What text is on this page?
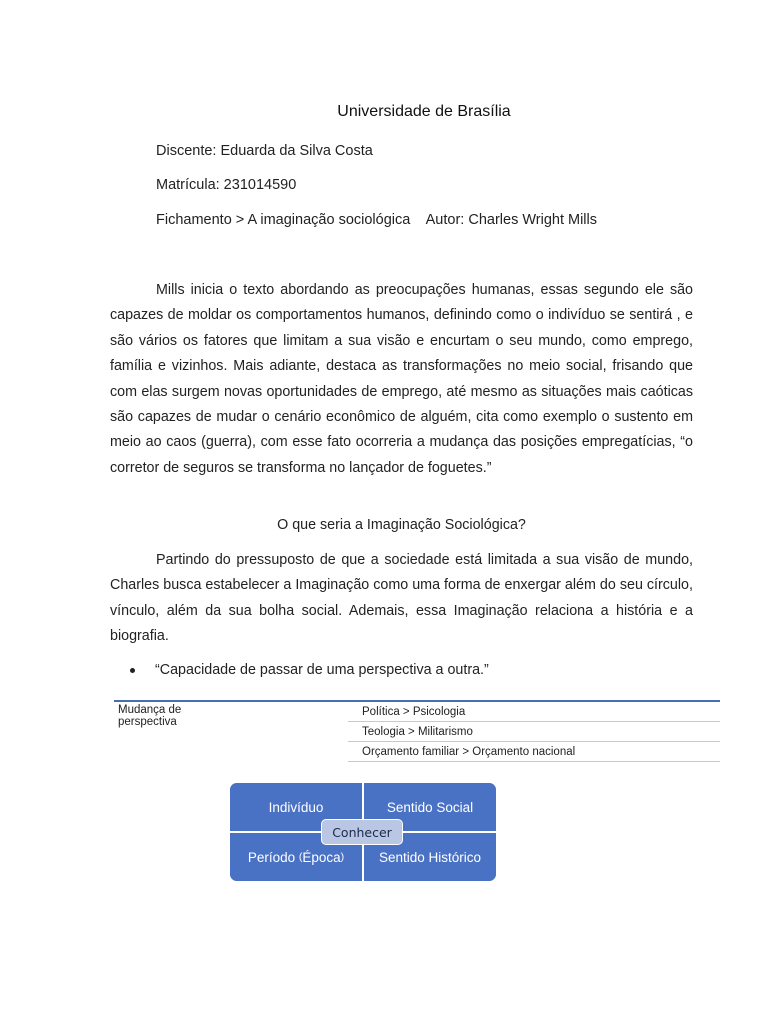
Universidade de Brasília
Discente: Eduarda da Silva Costa
Matrícula: 231014590
Fichamento > A imaginação sociológica Autor: Charles Wright Mills

Mills inicia o texto abordando as preocupações humanas, essas segundo ele são capazes de moldar os comportamentos humanos, definindo como o indivíduo se sentirá , e são vários os fatores que limitam a sua visão e encurtam o seu mundo, como emprego, família e vizinhos. Mais adiante, destaca as transformações no meio social, frisando que com elas surgem novas oportunidades de emprego, até mesmo as situações mais caóticas são capazes de mudar o cenário econômico de alguém, cita como exemplo o sustento em meio ao caos (guerra), com esse fato ocorreria a mudança das posições empregatícias, “o corretor de seguros se transforma no lançador de foguetes.”

O que seria a Imaginação Sociológica?

Partindo do pressuposto de que a sociedade está limitada a sua visão de mundo, Charles busca estabelecer a Imaginação como uma forma de enxergar além do seu círculo, vínculo, além da sua bolha social. Ademais, essa Imaginação relaciona a história e a biografia.

“Capacidade de passar de uma perspectiva a outra.”
Mudança de perspectiva
Política > Psicologia
Teologia > Militarismo
Orçamento familiar > Orçamento nacional
Indivíduo	Sentido Social
Período ( Época )	Sentido Histórico
Conhecer
